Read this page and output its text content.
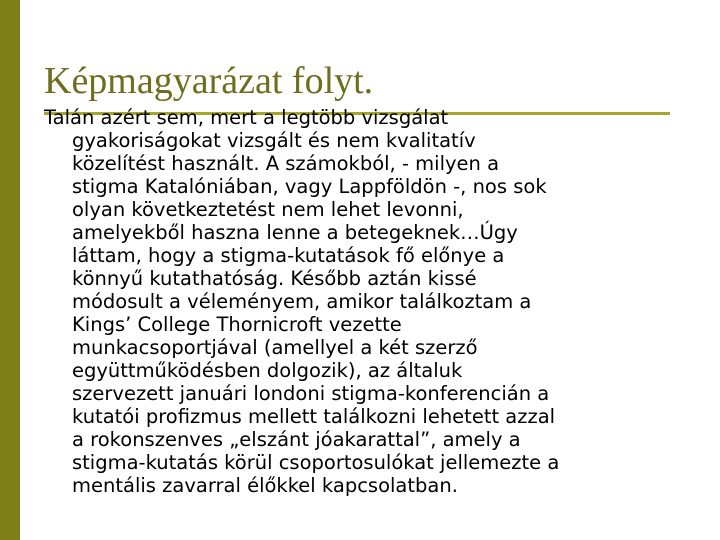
Képmagyarázat folyt.

Talán azért sem, mert a legtöbb vizsgálat
gyakoriságokat vizsgált és nem kvalitatív
közelítést használt. A számokból, - milyen a
stigma Katalóniában, vagy Lappföldön -, nos sok
olyan következtetést nem lehet levonni,
amelyekből haszna lenne a betegeknek…Úgy
láttam, hogy a stigma-kutatások fő előnye a
könnyű kutathatóság. Később aztán kissé
módosult a véleményem, amikor találkoztam a
Kings’ College Thornicroft vezette
munkacsoportjával (amellyel a két szerző
együttműködésben dolgozik), az általuk
szervezett januári londoni stigma-konferencián a
kutatói profizmus mellett találkozni lehetett azzal
a rokonszenves „elszánt jóakarattal”, amely a
stigma-kutatás körül csoportosulókat jellemezte a
mentális zavarral élőkkel kapcsolatban.
